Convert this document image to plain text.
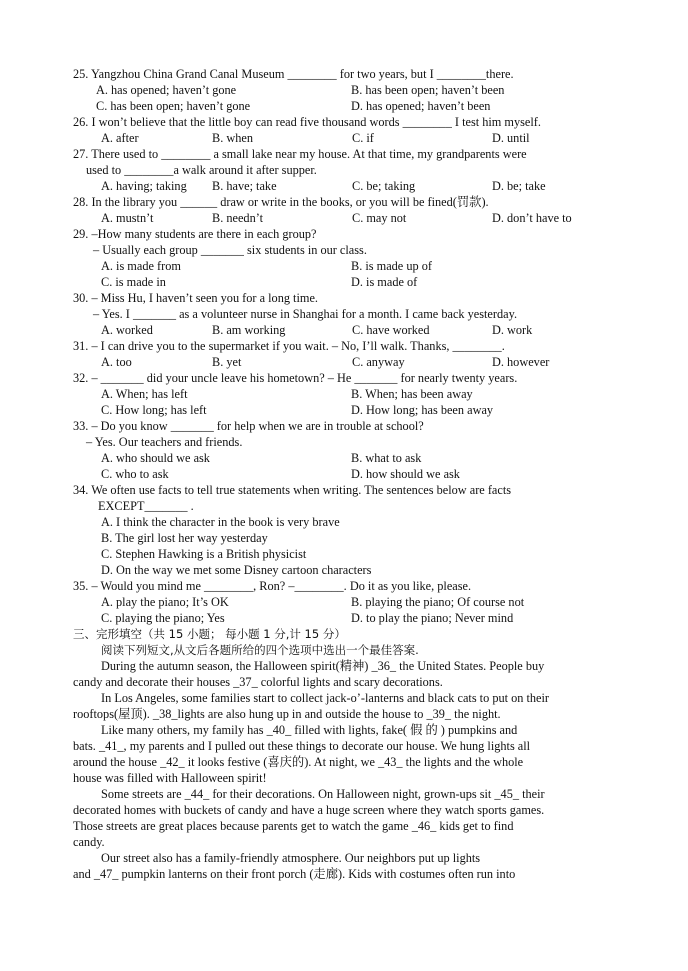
25. Yangzhou China Grand Canal Museum ________ for two years, but I ________there.
A. has opened; haven’t gone	B. has been open; haven’t been
C. has been open; haven’t gone	D. has opened; haven’t been
26. I won’t believe that the little boy can read five thousand words ________ I test him myself.
A. after	B. when	C. if	D. until
27. There used to ________ a small lake near my house. At that time, my grandparents were
used to ________a walk around it after supper.
A. having; taking B. have; take	C. be; taking	D. be; take
28. In the library you ______ draw or write in the books, or you will be fined(罚款).
A. mustn’t	B. needn’t	C. may not	D. don’t have to
29. –How many students are there in each group?
– Usually each group _______ six students in our class.
A. is made from	B. is made up of
C. is made in	D. is made of
30. – Miss Hu, I haven’t seen you for a long time.
– Yes. I _______ as a volunteer nurse in Shanghai for a month. I came back yesterday.
A. worked	B. am working	C. have worked	D. work
31. – I can drive you to the supermarket if you wait. – No, I’ll walk. Thanks, ________.
A. too	B. yet	C. anyway	D. however
32. – _______ did your uncle leave his hometown? – He _______ for nearly twenty years.
A. When; has left	B. When; has been away
C. How long; has left	D. How long; has been away
33. – Do you know _______ for help when we are in trouble at school?
– Yes. Our teachers and friends.
A. who should we ask	B. what to ask
C. who to ask	D. how should we ask
34. We often use facts to tell true statements when writing. The sentences below are facts
EXCEPT_______ .
A. I think the character in the book is very brave
B. The girl lost her way yesterday
C. Stephen Hawking is a British physicist
D. On the way we met some Disney cartoon characters
35. – Would you mind me ________, Ron? –________. Do it as you like, please.
A. play the piano; It’s OK	B. playing the piano; Of course not
C. playing the piano; Yes	D. to play the piano; Never mind
三、完形填空（共 15 小题； 每小题 1 分,计 15 分）
阅读下列短文,从文后各题所给的四个选项中选出一个最佳答案.
During the autumn season, the Halloween spirit(精神) _36_ the United States. People buy
candy and decorate their houses _37_ colorful lights and scary decorations.
In Los Angeles, some families start to collect jack-o’-lanterns and black cats to put on their
rooftops(屋顶). _38_lights are also hung up in and outside the house to _39_ the night.
Like many others, my family has _40_ filled with lights, fake( 假 的 ) pumpkins and
bats. _41_, my parents and I pulled out these things to decorate our house. We hung lights all
around the house _42_ it looks festive (喜庆的). At night, we _43_ the lights and the whole
house was filled with Halloween spirit!
Some streets are _44_ for their decorations. On Halloween night, grown-ups sit _45_ their
decorated homes with buckets of candy and have a huge screen where they watch sports games.
Those streets are great places because parents get to watch the game _46_ kids get to find
candy.
Our street also has a family-friendly atmosphere. Our neighbors put up lights
and _47_ pumpkin lanterns on their front porch (走廊). Kids with costumes often run into
